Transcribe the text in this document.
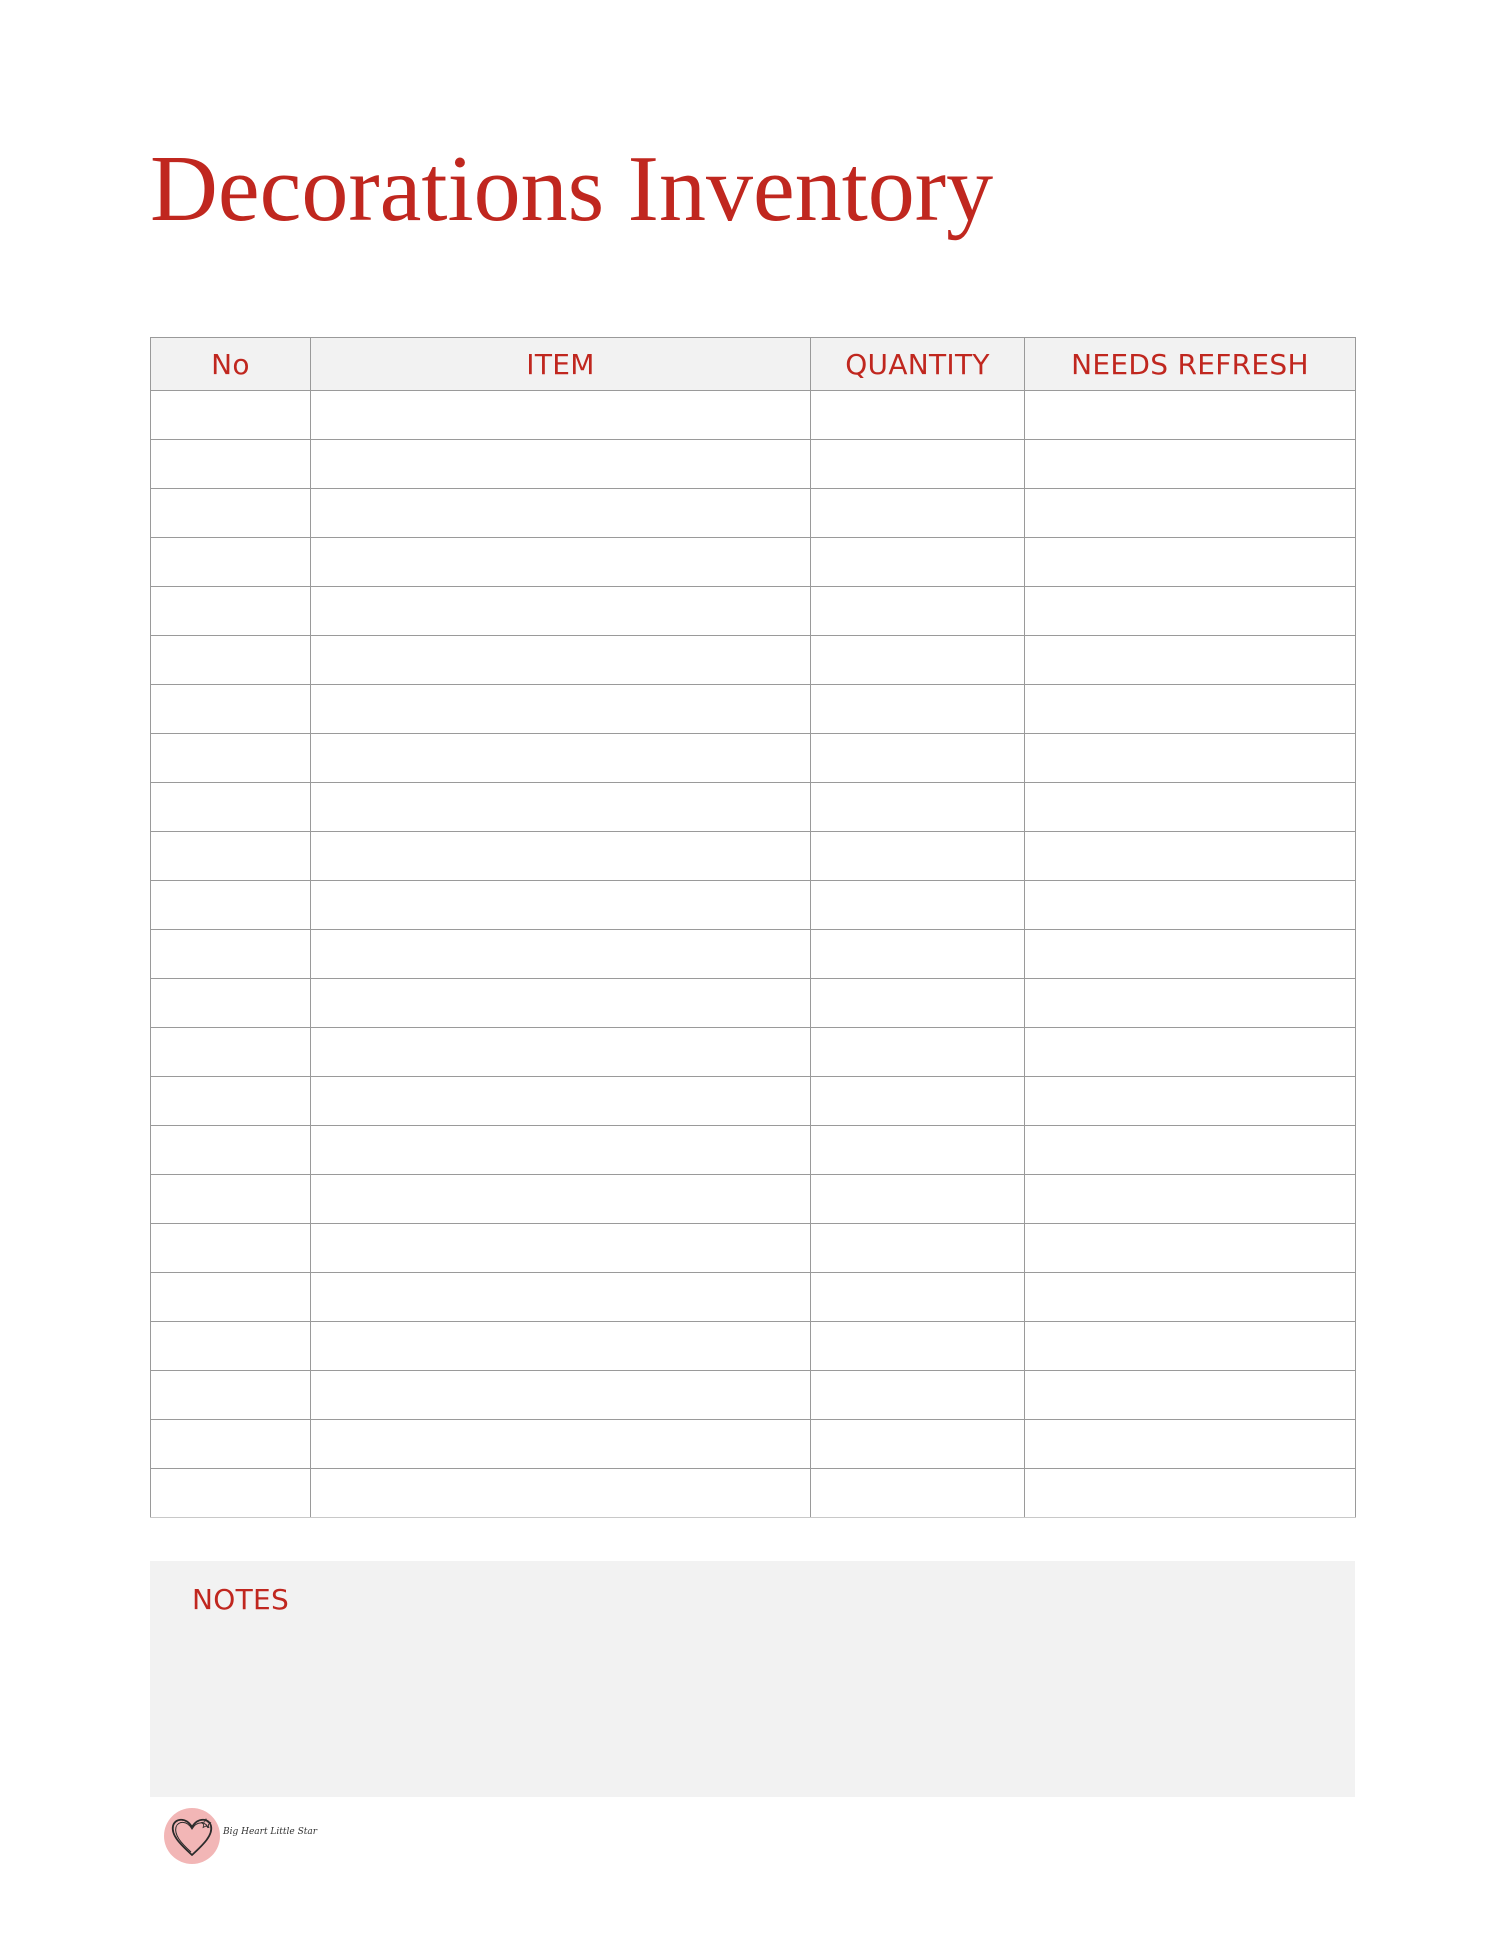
Decorations Inventory
No	ITEM	QUANTITY	NEEDS REFRESH

NOTES
Big Heart Little Star
